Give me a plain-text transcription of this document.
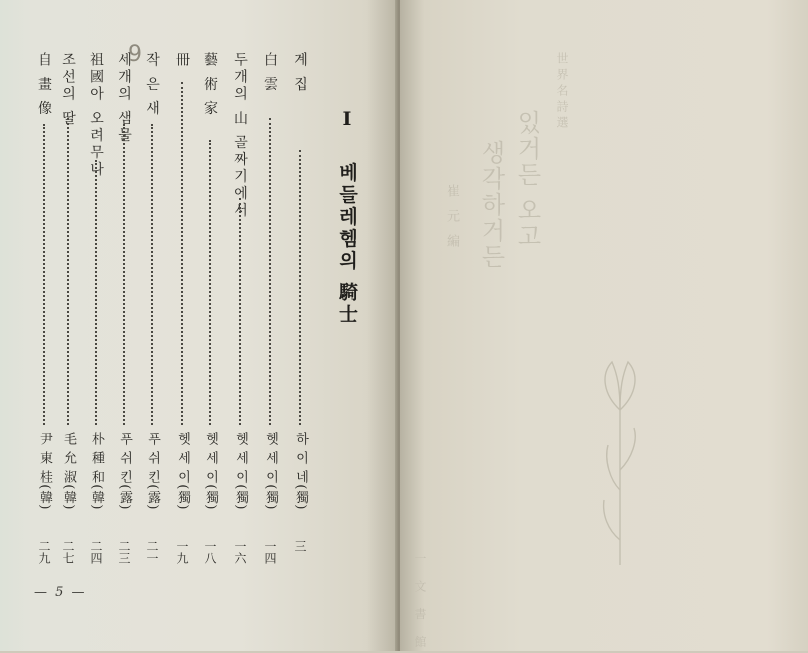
Ⅰ  베들레헴의 騎士
계 집
하 이 네(獨)
三
白 雲
헷 세 이(獨)
一四
두개의 山 골짜기에서
헷 세 이(獨)
一六
藝 術 家
헷 세 이(獨)
一八
冊
헷 세 이(獨)
一九
작 은 새
푸 쉬 킨(露)
二一
세개의 샘물
푸 쉬 킨(露)
二三
祖國아 오려무나
朴 種 和(韓)
二四
조선의 딸
毛 允 淑(韓)
二七
自 畫 像
尹 東 桂(韓)
二九
9
— 5 —
世界名詩選
있거든 오고
생각하거든
崔 元 編
一 文 書 館
